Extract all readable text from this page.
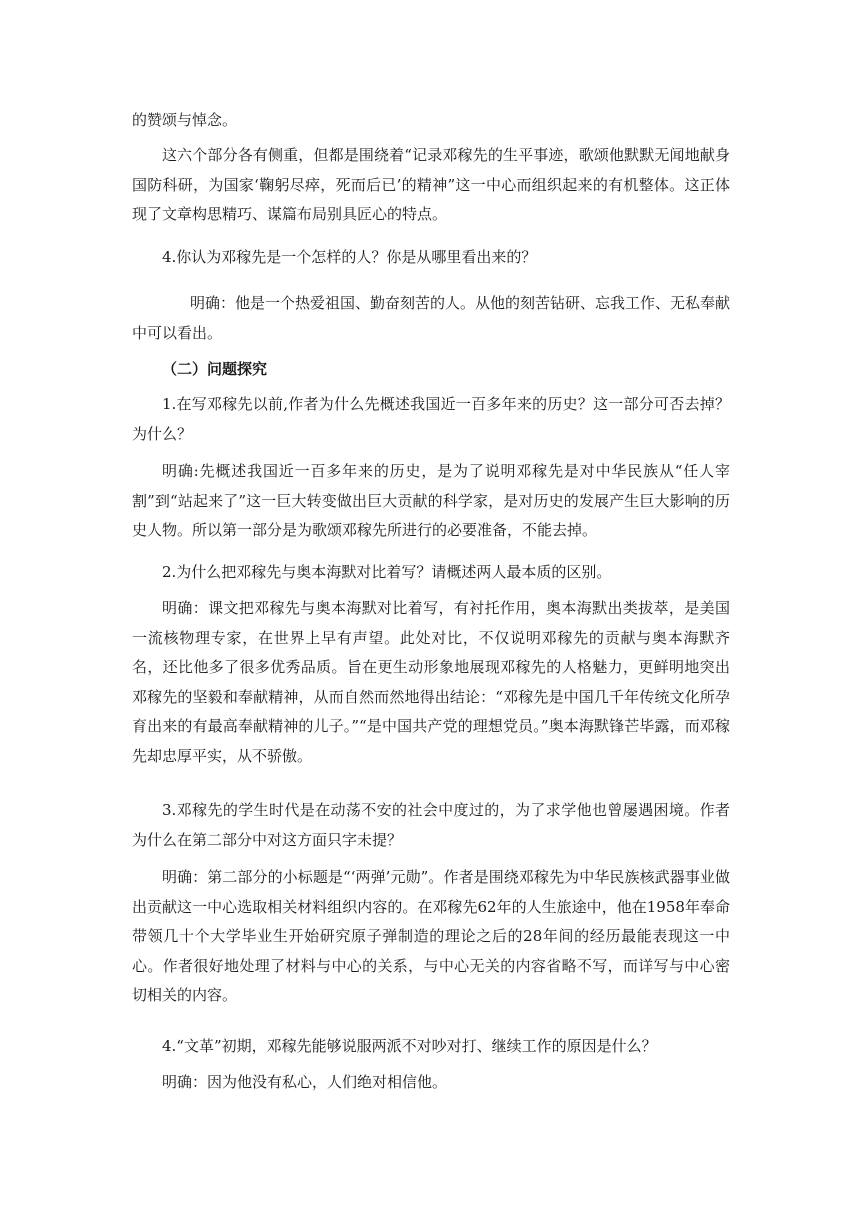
的赞颂与悼念。

这六个部分各有侧重，但都是围绕着“记录邓稼先的生平事迹，歌颂他默默无闻地献身国防科研，为国家‘鞠躬尽瘁，死而后已’的精神”这一中心而组织起来的有机整体。这正体现了文章构思精巧、谋篇布局别具匠心的特点。

4.你认为邓稼先是一个怎样的人？你是从哪里看出来的？

明确：他是一个热爱祖国、勤奋刻苦的人。从他的刻苦钻研、忘我工作、无私奉献中可以看出。

（二）问题探究

1.在写邓稼先以前,作者为什么先概述我国近一百多年来的历史？这一部分可否去掉？为什么？

明确:先概述我国近一百多年来的历史，是为了说明邓稼先是对中华民族从“任人宰割”到“站起来了”这一巨大转变做出巨大贡献的科学家，是对历史的发展产生巨大影响的历史人物。所以第一部分是为歌颂邓稼先所进行的必要准备，不能去掉。

2.为什么把邓稼先与奥本海默对比着写？请概述两人最本质的区别。

明确：课文把邓稼先与奥本海默对比着写，有衬托作用，奥本海默出类拔萃，是美国一流核物理专家，在世界上早有声望。此处对比，不仅说明邓稼先的贡献与奥本海默齐名，还比他多了很多优秀品质。旨在更生动形象地展现邓稼先的人格魅力，更鲜明地突出邓稼先的坚毅和奉献精神，从而自然而然地得出结论：“邓稼先是中国几千年传统文化所孕育出来的有最高奉献精神的儿子。”“是中国共产党的理想党员。”奥本海默锋芒毕露，而邓稼先却忠厚平实，从不骄傲。

3.邓稼先的学生时代是在动荡不安的社会中度过的，为了求学他也曾屡遇困境。作者为什么在第二部分中对这方面只字未提？

明确：第二部分的小标题是“‘两弹’元勋”。作者是围绕邓稼先为中华民族核武器事业做出贡献这一中心选取相关材料组织内容的。在邓稼先62年的人生旅途中，他在1958年奉命带领几十个大学毕业生开始研究原子弹制造的理论之后的28年间的经历最能表现这一中心。作者很好地处理了材料与中心的关系，与中心无关的内容省略不写，而详写与中心密切相关的内容。

4.“文革”初期，邓稼先能够说服两派不对吵对打、继续工作的原因是什么？

明确：因为他没有私心，人们绝对相信他。
